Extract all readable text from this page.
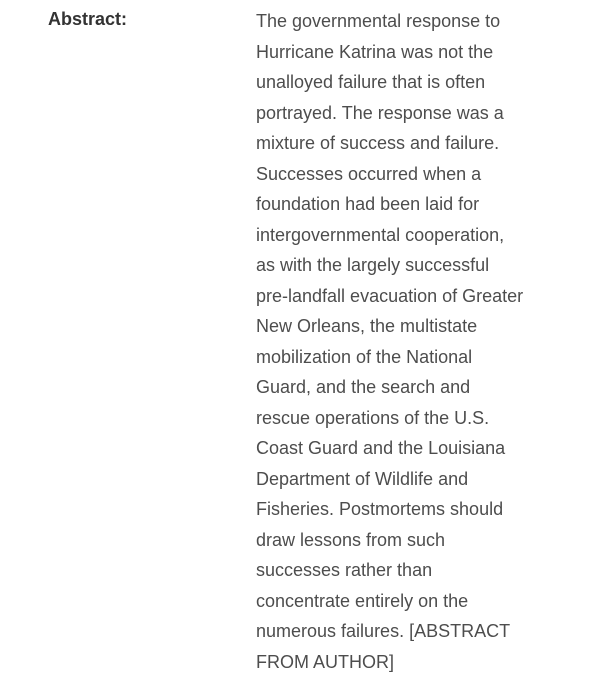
Abstract:	The governmental response to
Hurricane Katrina was not the
unalloyed failure that is often
portrayed. The response was a
mixture of success and failure.
Successes occurred when a
foundation had been laid for
intergovernmental cooperation,
as with the largely successful
pre-landfall evacuation of Greater
New Orleans, the multistate
mobilization of the National
Guard, and the search and
rescue operations of the U.S.
Coast Guard and the Louisiana
Department of Wildlife and
Fisheries. Postmortems should
draw lessons from such
successes rather than
concentrate entirely on the
numerous failures. [ABSTRACT
FROM AUTHOR]
